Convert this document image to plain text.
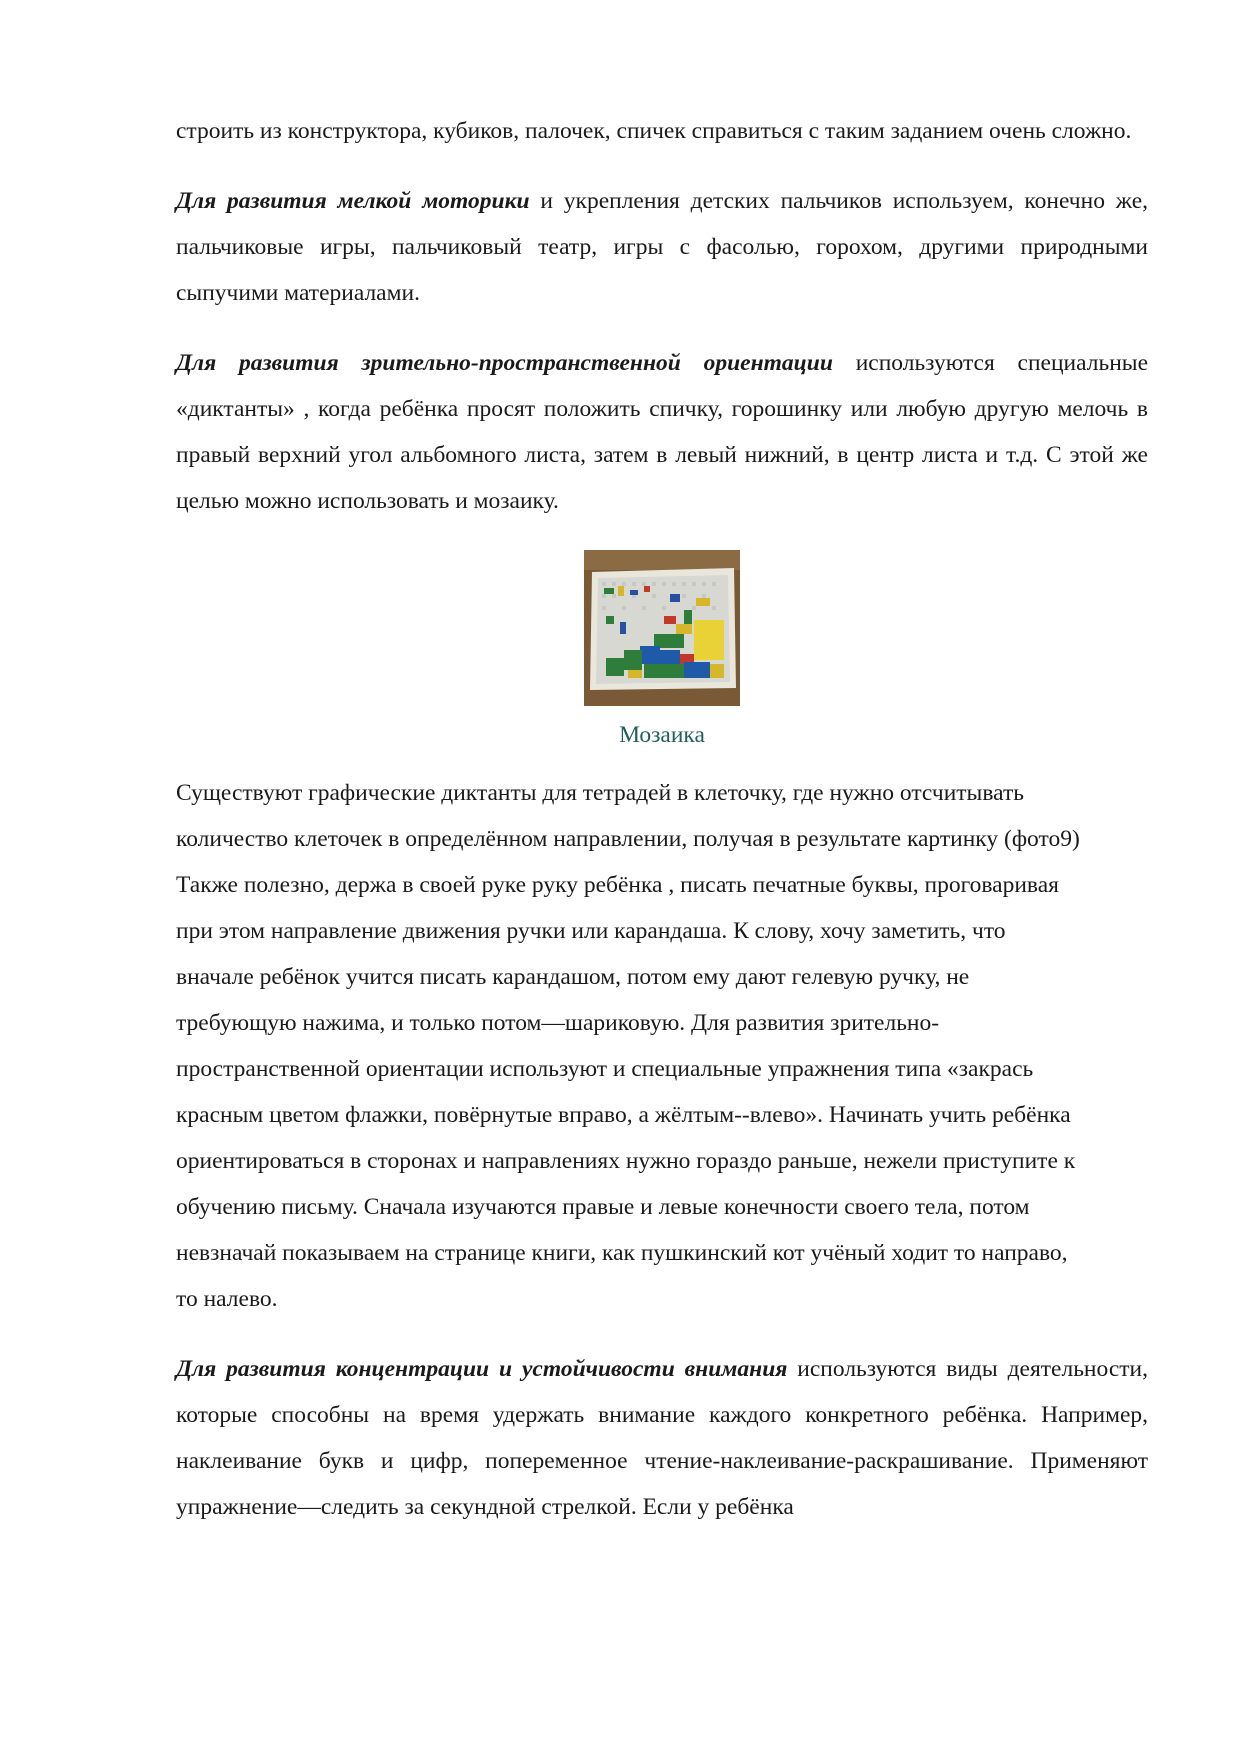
строить из конструктора, кубиков, палочек, спичек справиться с таким заданием очень сложно.

Для развития мелкой моторики и укрепления детских пальчиков используем, конечно же, пальчиковые игры, пальчиковый театр, игры с фасолью, горохом, другими природными сыпучими материалами.

Для развития зрительно-пространственной ориентации используются специальные «диктанты» , когда ребёнка просят положить спичку, горошинку или любую другую мелочь в правый верхний угол альбомного листа, затем в левый нижний, в центр листа и т.д. С этой же целью можно использовать и мозаику.

Мозаика

Существуют графические диктанты для тетрадей в клеточку, где нужно отсчитывать
количество клеточек в определённом направлении, получая в результате картинку (фото9)
Также полезно, держа в своей руке руку ребёнка , писать печатные буквы, проговаривая
при этом направление движения ручки или карандаша. К слову, хочу заметить, что
вначале ребёнок учится писать карандашом, потом ему дают гелевую ручку, не
требующую нажима, и только потом—шариковую. Для развития зрительно-
пространственной ориентации используют и специальные упражнения типа «закрась
красным цветом флажки, повёрнутые вправо, а жёлтым--влево». Начинать учить ребёнка
ориентироваться в сторонах и направлениях нужно гораздо раньше, нежели приступите к
обучению письму. Сначала изучаются правые и левые конечности своего тела, потом
невзначай показываем на странице книги, как пушкинский кот учёный ходит то направо,
то налево.

Для развития концентрации и устойчивости внимания используются виды деятельности, которые способны на время удержать внимание каждого конкретного ребёнка. Например, наклеивание букв и цифр, попеременное чтение-наклеивание-раскрашивание. Применяют упражнение—следить за секундной стрелкой. Если у ребёнка
